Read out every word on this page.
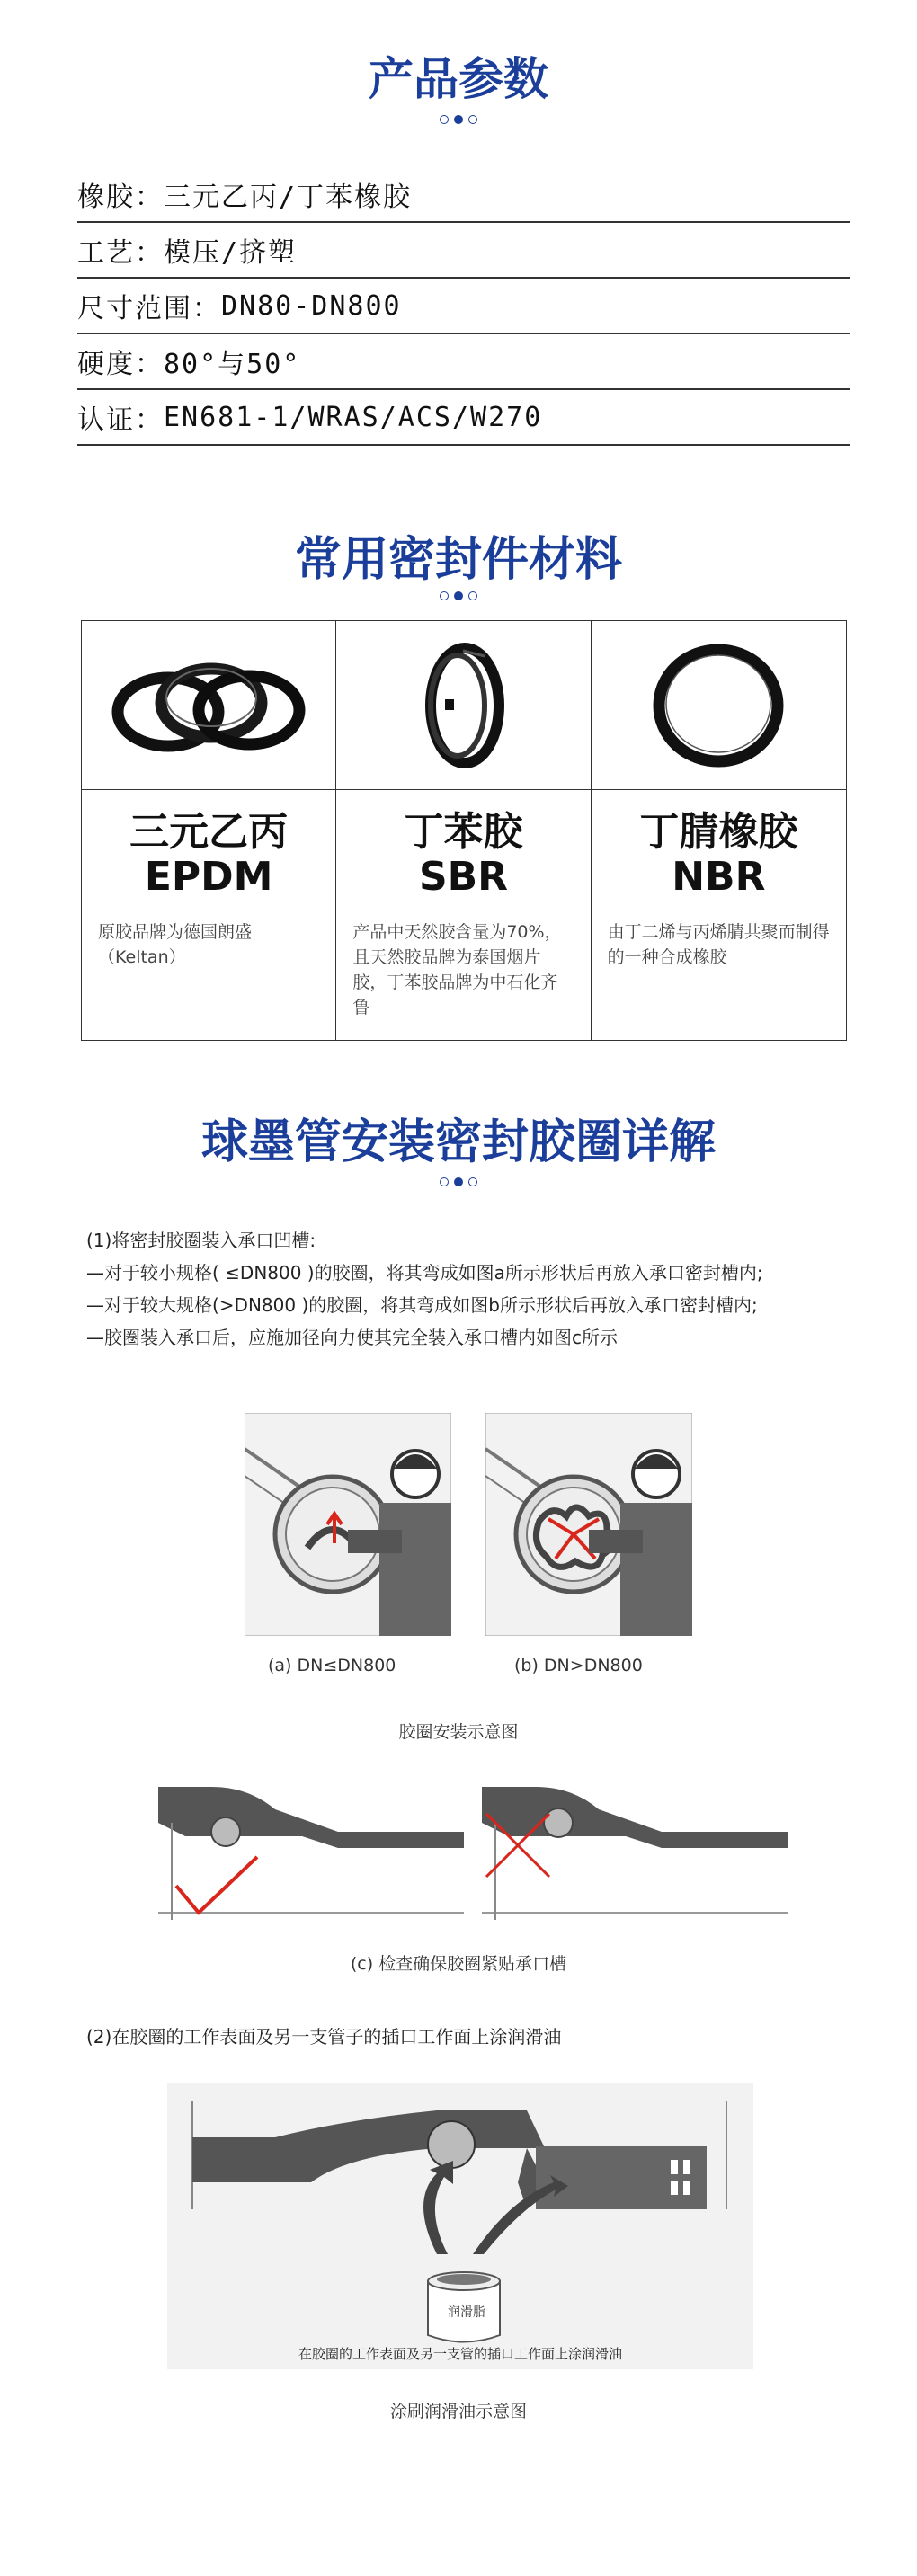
产品参数
橡胶： 三元乙丙/丁苯橡胶
工艺： 模压/挤塑
尺寸范围： DN80-DN800
硬度： 80°与50°
认证： EN681-1/WRAS/ACS/W270
常用密封件材料
三元乙丙
EPDM
原胶品牌为德国朗盛（Keltan）
丁苯胶
SBR
产品中天然胶含量为70%，且天然胶品牌为泰国烟片胶，丁苯胶品牌为中石化齐鲁
丁腈橡胶
NBR
由丁二烯与丙烯腈共聚而制得的一种合成橡胶
球墨管安装密封胶圈详解
(1)将密封胶圈装入承口凹槽:
—对于较小规格( ≤DN800 )的胶圈，将其弯成如图a所示形状后再放入承口密封槽内;
—对于较大规格(>DN800 )的胶圈，将其弯成如图b所示形状后再放入承口密封槽内;
—胶圈装入承口后，应施加径向力使其完全装入承口槽内如图c所示
(a) DN≤DN800	(b) DN>DN800
胶圈安装示意图
(c) 检查确保胶圈紧贴承口槽
(2)在胶圈的工作表面及另一支管子的插口工作面上涂润滑油
润滑脂
在胶圈的工作表面及另一支管的插口工作面上涂润滑油
涂刷润滑油示意图
